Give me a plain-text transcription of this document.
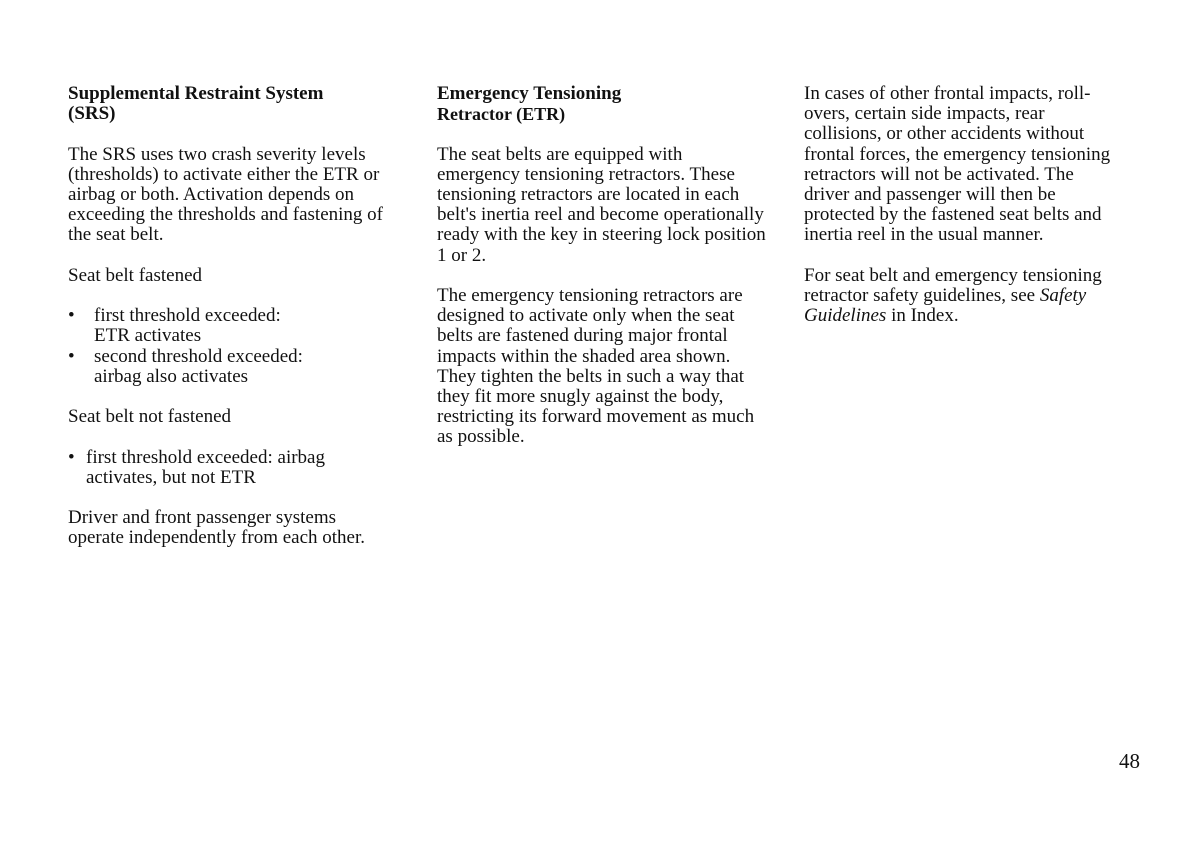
Supplemental Restraint System
(SRS)

The SRS uses two crash severity levels (thresholds) to activate either the ETR or airbag or both. Activation depends on exceeding the thresholds and fastening of the seat belt.

Seat belt fastened

• first threshold exceeded:
ETR activates
• second threshold exceeded:
airbag also activates

Seat belt not fastened

• first threshold exceeded: airbag
activates, but not ETR

Driver and front passenger systems operate independently from each other.

Emergency Tensioning
Retractor (ETR)

The seat belts are equipped with emergency tensioning retractors. These tensioning retractors are located in each belt's inertia reel and become operationally ready with the key in steering lock position 1 or 2.

The emergency tensioning retractors are designed to activate only when the seat belts are fastened during major frontal impacts within the shaded area shown. They tighten the belts in such a way that they fit more snugly against the body, restricting its forward movement as much as possible.

In cases of other frontal impacts, roll-overs, certain side impacts, rear collisions, or other accidents without frontal forces, the emergency tensioning retractors will not be activated. The driver and passenger will then be protected by the fastened seat belts and inertia reel in the usual manner.

For seat belt and emergency tensioning retractor safety guidelines, see Safety Guidelines in Index.

48
